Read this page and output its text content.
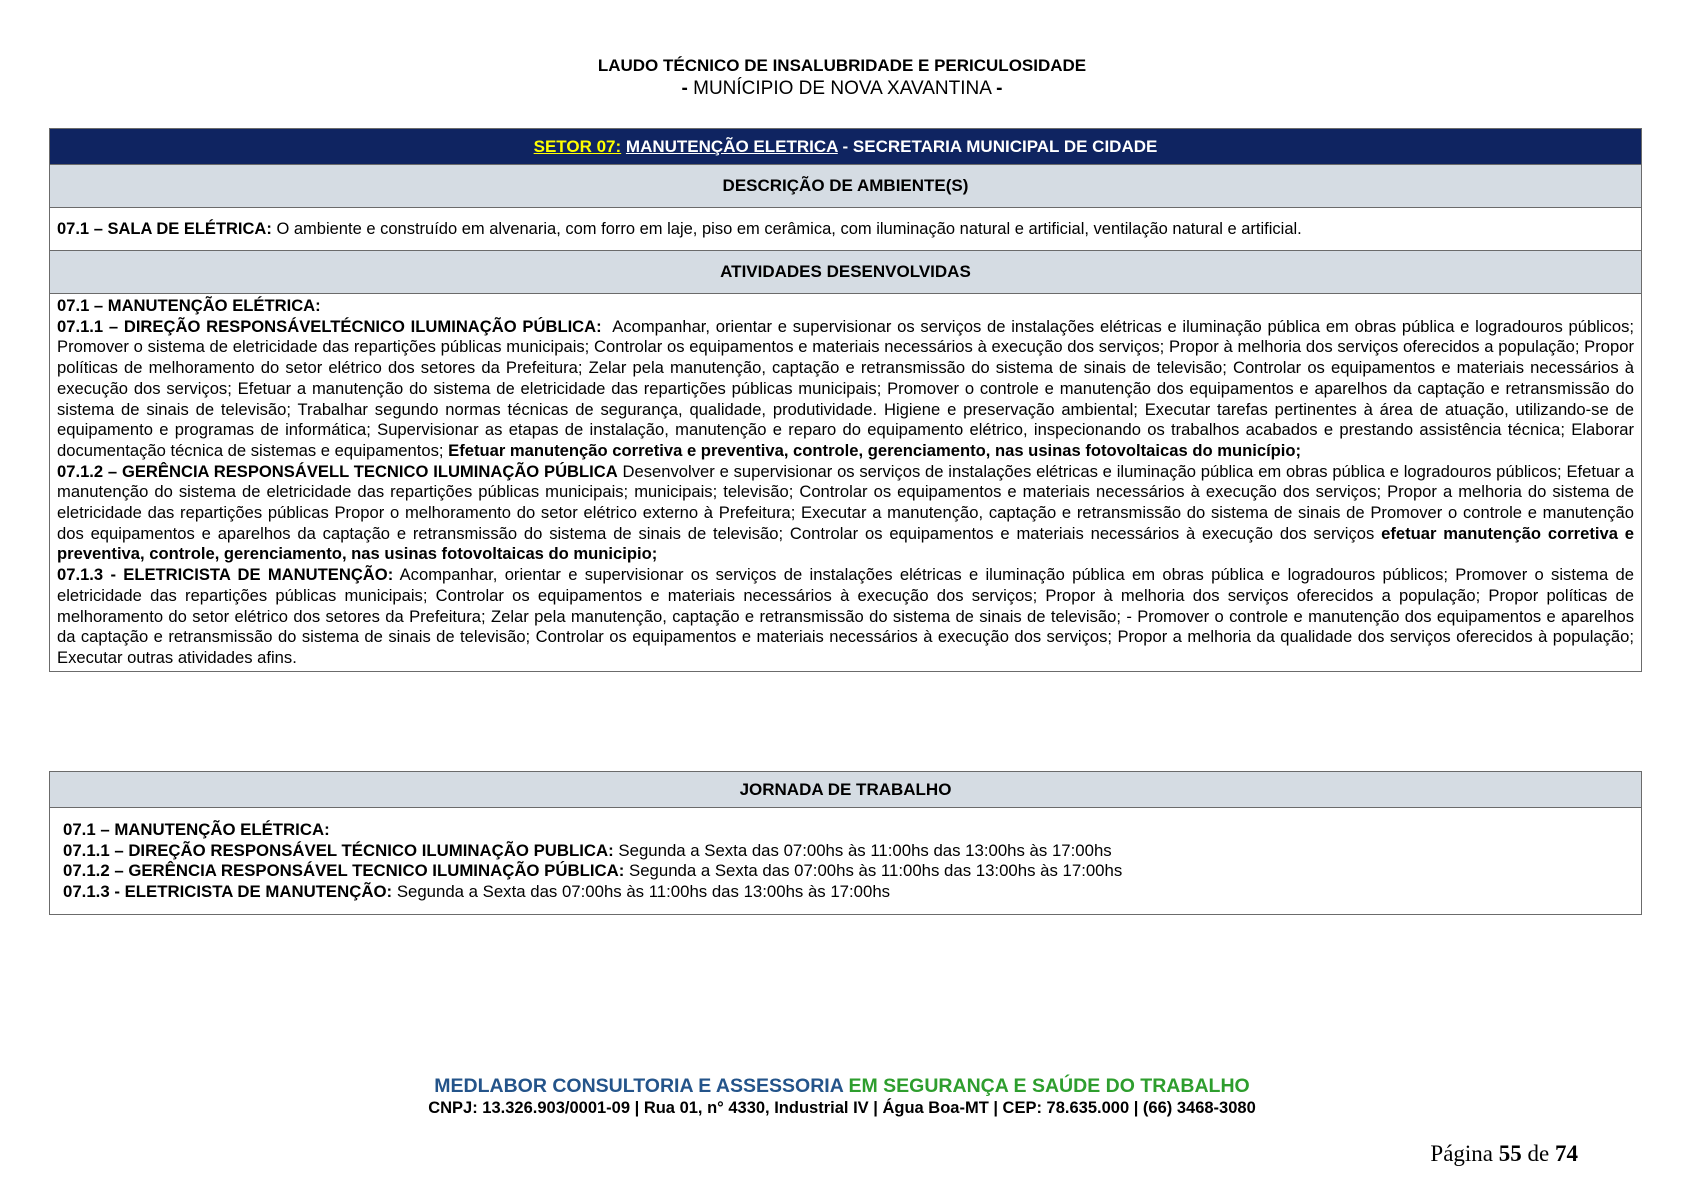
LAUDO TÉCNICO DE INSALUBRIDADE E PERICULOSIDADE
- MUNÍCIPIO DE NOVA XAVANTINA -
SETOR 07: MANUTENÇÃO ELETRICA - SECRETARIA MUNICIPAL DE CIDADE
DESCRIÇÃO DE AMBIENTE(S)
07.1 – SALA DE ELÉTRICA: O ambiente e construído em alvenaria, com forro em laje, piso em cerâmica, com iluminação natural e artificial, ventilação natural e artificial.
ATIVIDADES DESENVOLVIDAS

07.1 – MANUTENÇÃO ELÉTRICA:

07.1.1 – DIREÇÃO RESPONSÁVELTÉCNICO ILUMINAÇÃO PÚBLICA: Acompanhar, orientar e supervisionar os serviços de instalações elétricas e iluminação pública em obras pública e logradouros públicos; Promover o sistema de eletricidade das repartições públicas municipais; Controlar os equipamentos e materiais necessários à execução dos serviços; Propor à melhoria dos serviços oferecidos a população; Propor políticas de melhoramento do setor elétrico dos setores da Prefeitura; Zelar pela manutenção, captação e retransmissão do sistema de sinais de televisão; Controlar os equipamentos e materiais necessários à execução dos serviços; Efetuar a manutenção do sistema de eletricidade das repartições públicas municipais; Promover o controle e manutenção dos equipamentos e aparelhos da captação e retransmissão do sistema de sinais de televisão; Trabalhar segundo normas técnicas de segurança, qualidade, produtividade. Higiene e preservação ambiental; Executar tarefas pertinentes à área de atuação, utilizando-se de equipamento e programas de informática; Supervisionar as etapas de instalação, manutenção e reparo do equipamento elétrico, inspecionando os trabalhos acabados e prestando assistência técnica; Elaborar documentação técnica de sistemas e equipamentos; Efetuar manutenção corretiva e preventiva, controle, gerenciamento, nas usinas fotovoltaicas do município;

07.1.2 – GERÊNCIA RESPONSÁVELL TECNICO ILUMINAÇÃO PÚBLICA Desenvolver e supervisionar os serviços de instalações elétricas e iluminação pública em obras pública e logradouros públicos; Efetuar a manutenção do sistema de eletricidade das repartições públicas municipais; municipais; televisão; Controlar os equipamentos e materiais necessários à execução dos serviços; Propor a melhoria do sistema de eletricidade das repartições públicas Propor o melhoramento do setor elétrico externo à Prefeitura; Executar a manutenção, captação e retransmissão do sistema de sinais de Promover o controle e manutenção dos equipamentos e aparelhos da captação e retransmissão do sistema de sinais de televisão; Controlar os equipamentos e materiais necessários à execução dos serviços efetuar manutenção corretiva e preventiva, controle, gerenciamento, nas usinas fotovoltaicas do municipio;

07.1.3 - ELETRICISTA DE MANUTENÇÃO: Acompanhar, orientar e supervisionar os serviços de instalações elétricas e iluminação pública em obras pública e logradouros públicos; Promover o sistema de eletricidade das repartições públicas municipais; Controlar os equipamentos e materiais necessários à execução dos serviços; Propor à melhoria dos serviços oferecidos a população; Propor políticas de melhoramento do setor elétrico dos setores da Prefeitura; Zelar pela manutenção, captação e retransmissão do sistema de sinais de televisão; - Promover o controle e manutenção dos equipamentos e aparelhos da captação e retransmissão do sistema de sinais de televisão; Controlar os equipamentos e materiais necessários à execução dos serviços; Propor a melhoria da qualidade dos serviços oferecidos à população; Executar outras atividades afins.

JORNADA DE TRABALHO

07.1 – MANUTENÇÃO ELÉTRICA:

07.1.1 – DIREÇÃO RESPONSÁVEL TÉCNICO ILUMINAÇÃO PUBLICA: Segunda a Sexta das 07:00hs às 11:00hs das 13:00hs às 17:00hs

07.1.2 – GERÊNCIA RESPONSÁVEL TECNICO ILUMINAÇÃO PÚBLICA: Segunda a Sexta das 07:00hs às 11:00hs das 13:00hs às 17:00hs

07.1.3 - ELETRICISTA DE MANUTENÇÃO: Segunda a Sexta das 07:00hs às 11:00hs das 13:00hs às 17:00hs

MEDLABOR CONSULTORIA E ASSESSORIA EM SEGURANÇA E SAÚDE DO TRABALHO
CNPJ: 13.326.903/0001-09 | Rua 01, n° 4330, Industrial IV | Água Boa-MT | CEP: 78.635.000 | (66) 3468-3080
Página 55 de 74
